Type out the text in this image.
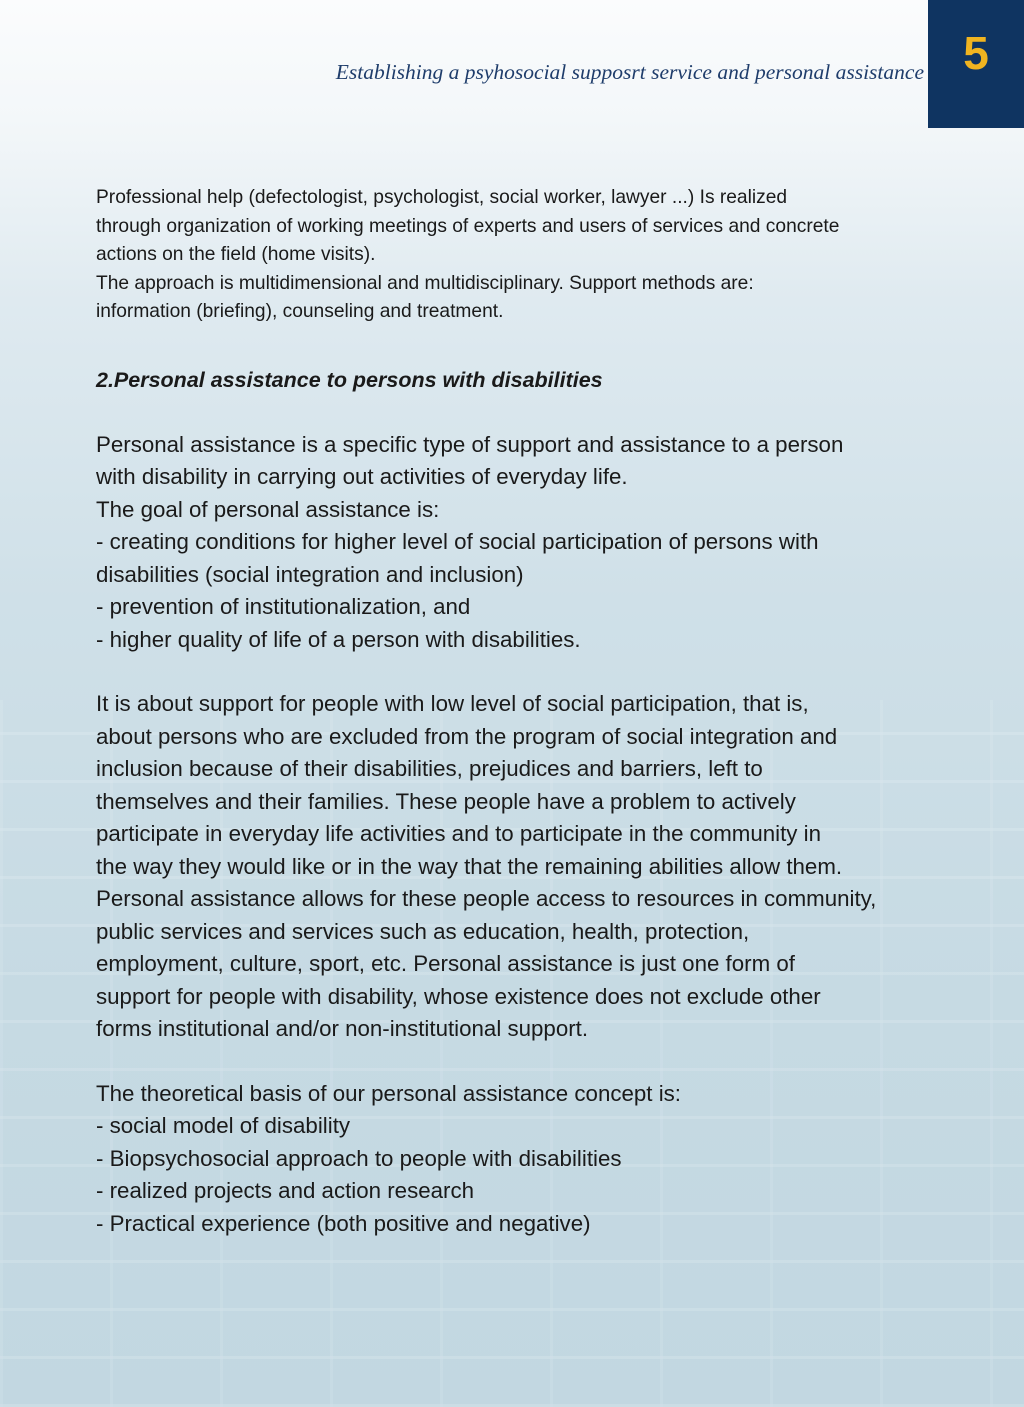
Establishing a psyhosocial supposrt service and personal assistance 5

Professional help (defectologist, psychologist, social worker, lawyer ...) Is realized

through organization of working meetings of experts and users of services and concrete

actions on the field (home visits).

The approach is multidimensional and multidisciplinary. Support methods are:

information (briefing), counseling and treatment.

2.Personal assistance to persons with disabilities
Personal assistance is a specific type of support and assistance to a person
with disability in carrying out activities of everyday life.
The goal of personal assistance is:
- creating conditions for higher level of social participation of persons with
disabilities (social integration and inclusion)
- prevention of institutionalization, and
- higher quality of life of a person with disabilities.
It is about support for people with low level of social participation, that is,
about persons who are excluded from the program of social integration and
inclusion because of their disabilities, prejudices and barriers, left to
themselves and their families. These people have a problem to actively
participate in everyday life activities and to participate in the community in
the way they would like or in the way that the remaining abilities allow them.
Personal assistance allows for these people access to resources in community,
public services and services such as education, health, protection,
employment, culture, sport, etc. Personal assistance is just one form of
support for people with disability, whose existence does not exclude other
forms institutional and/or non-institutional support.
The theoretical basis of our personal assistance concept is:
- social model of disability
- Biopsychosocial approach to people with disabilities
- realized projects and action research
- Practical experience (both positive and negative)
